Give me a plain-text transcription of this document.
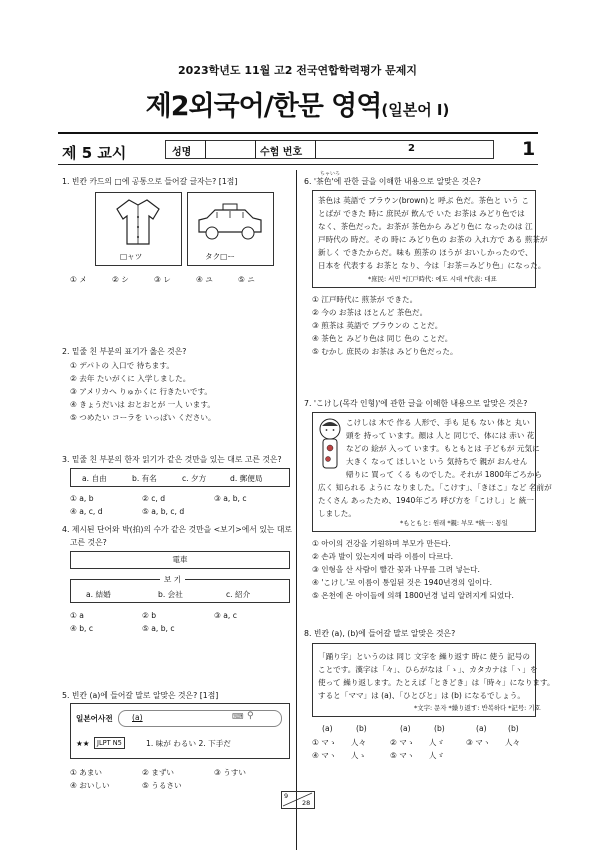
2023학년도 11월 고2 전국연합학력평가 문제지
제2외국어/한문 영역(일본어 Ⅰ)
제 5 교시	성명	수험 번호	2	1
1. 빈칸 카드의 □에 공통으로 들어갈 글자는? [1점]
□ャツ	タク□ー
① メ	② シ	③ レ	④ ユ	⑤ ニ
2. 밑줄 친 부분의 표기가 옳은 것은?
① デパトの 入口で 待ちます。
② 去年 たいがくに 入学しました。
③ アメリカへ りゅかくに 行きたいです。
④ きょうだいは おとおとが 一人 います。
⑤ つめたい コーラを いっぱい ください。
3. 밑줄 친 부분의 한자 읽기가 같은 것만을 있는 대로 고른 것은?
a. 自由	b. 有名	c. 夕方	d. 郵便局
① a, b	② c, d	③ a, b, c
④ a, c, d	⑤ a, b, c, d
4. 제시된 단어와 박(拍)의 수가 같은 것만을 <보기>에서 있는 대로
고른 것은?
電車
보 기
a. 結婚	b. 会社	c. 紹介
① a	② b	③ a, c
④ b, c	⑤ a, b, c
5. 빈칸 (a)에 들어갈 말로 알맞은 것은? [1점]
일본어사전	(a)	⌨ ⚲
★★	JLPT N5	1. 味が わるい 2. 下手だ
① あまい	② まずい	③ うすい
④ おいしい	⑤ うるさい
ちゃいろ
6. '茶色'에 관한 글을 이해한 내용으로 알맞은 것은?
茶色は 英語で ブラウン(brown)と 呼ぶ 色だ。茶色と いう こ
とばが できた 時に 庶民が 飲んで いた お茶は みどり色では
なく、茶色だった。お茶が 茶色から みどり色に なったのは 江
戸時代の 時だ。その 時に みどり色の お茶の 入れ方で ある 煎茶が
新しく できたからだ。味も 煎茶の ほうが おいしかったので、
日本を 代表する お茶と なり、今は「お茶＝みどり色」になった。
*庶民: 서민 *江戸時代: 에도 시대 *代表: 대표
① 江戸時代に 煎茶が できた。
② 今の お茶は ほとんど 茶色だ。
③ 煎茶は 英語で ブラウンの ことだ。
④ 茶色と みどり色は 同じ 色の ことだ。
⑤ むかし 庶民の お茶は みどり色だった。
7. 'こけし(목각 인형)'에 관한 글을 이해한 내용으로 알맞은 것은?
こけしは 木で 作る 人形で、手も 足も ない 体と 丸い
頭を 持って います。顔は 人と 同じで、体には 赤い 花
などの 絵が 入って います。もともとは 子どもが 元気に
大きく なって ほしいと いう 気持ちで 親が おんせん
帰りに 買って くる ものでした。それが 1800年ごろから
広く 知られる ように なりました。「こけす」、「きほこ」など 名前が
たくさん あったため、1940年ごろ 呼び方を「こけし」と 統一
しました。
*もともと: 원래 *親: 부모 *統一: 통일
① 아이의 건강을 기원하며 부모가 만든다.
② 손과 발이 있는지에 따라 이름이 다르다.
③ 인형을 산 사람이 빨간 꽃과 나무를 그려 넣는다.
④ 'こけし'로 이름이 통일된 것은 1940년경의 일이다.
⑤ 온천에 온 아이들에 의해 1800년경 널리 알려지게 되었다.
8. 빈칸 (a), (b)에 들어갈 말로 알맞은 것은?
「踊り字」というのは 同じ 文字を 繰り返す 時に 使う 記号の
ことです。漢字は「々」、ひらがなは「ゝ」、カタカナは「ヽ」を
使って 繰り返します。たとえば「ときどき」は「時々」になります。
すると「ママ」は (a)、「ひとびと」は (b) になるでしょう。
*文字: 문자 *繰り返す: 반복하다 *記号: 기호
(a)	(b)	(a)	(b)	(a)	(b)
① マゝ 人々	② マゝ 人ゞ	③ マヽ 人々
④ マヽ 人ゝ	⑤ マヽ 人ゞ
9
28
